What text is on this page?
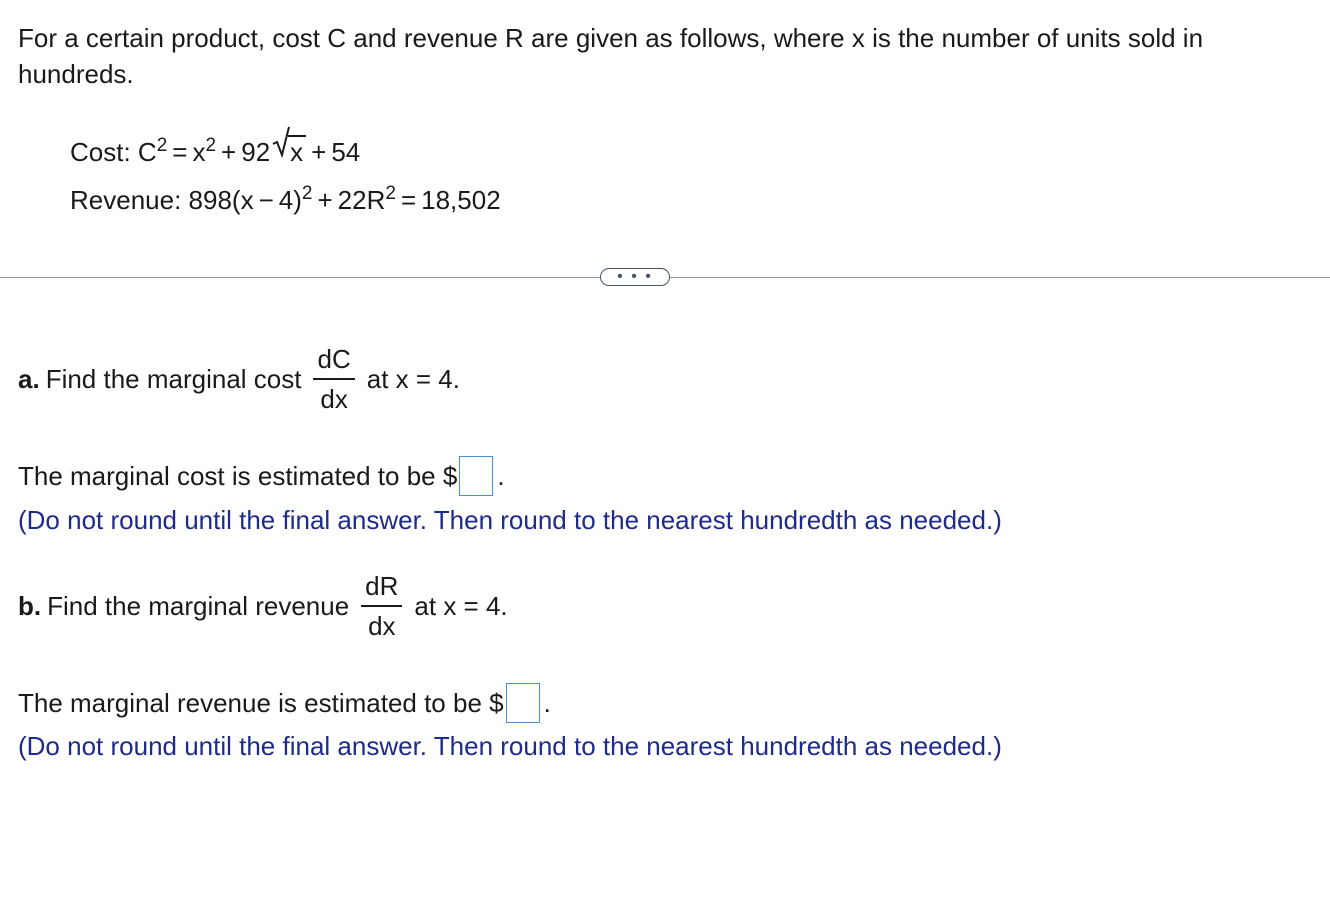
For a certain product, cost C and revenue R are given as follows, where x is the number of units sold in hundreds.
Cost: $C^2 = x^2 + 92$ x + 54
Revenue: $898(x - 4)^2 + 22R^2 = 18,502$
• • •
a. Find the marginal cost $\frac{dC}{dx}$ at x = 4.
The marginal cost is estimated to be $ .
(Do not round until the final answer. Then round to the nearest hundredth as needed.)
b. Find the marginal revenue $\frac{dR}{dx}$ at x = 4.
The marginal revenue is estimated to be $ .
(Do not round until the final answer. Then round to the nearest hundredth as needed.)
